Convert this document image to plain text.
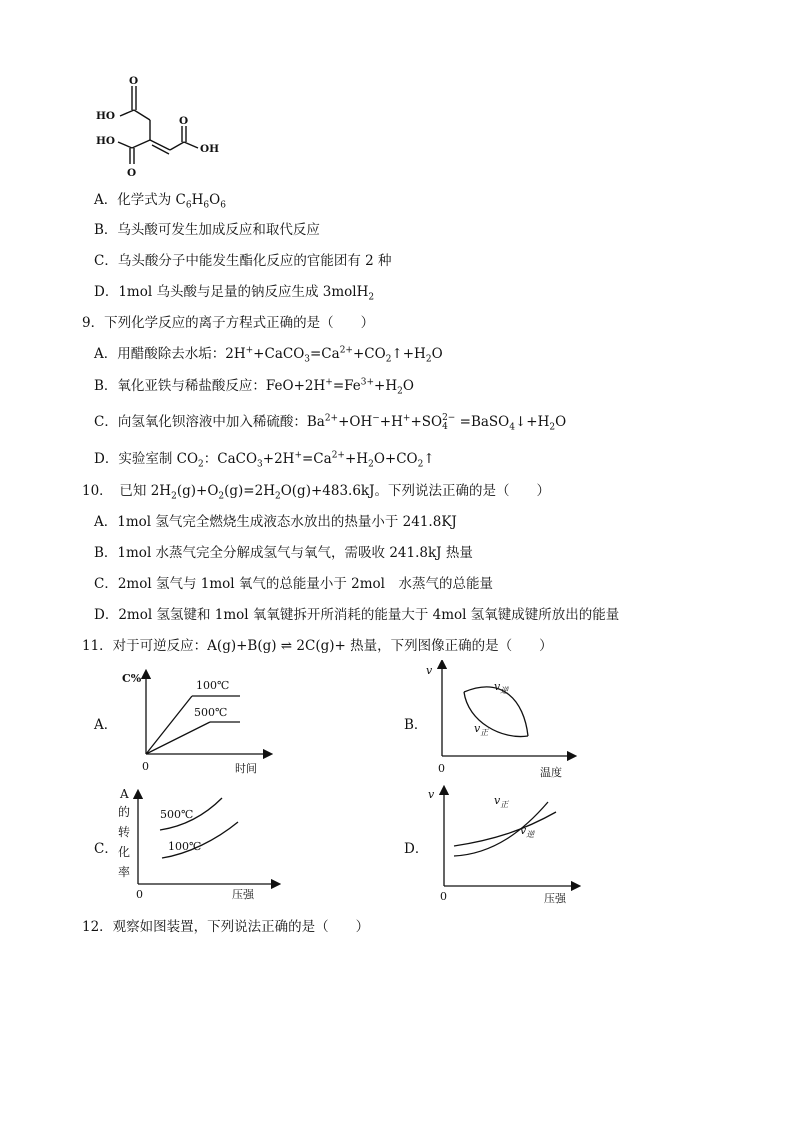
O
HO
HO
O
O
OH
A．化学式为 $C_6H_6O_6$
B．乌头酸可发生加成反应和取代反应
C．乌头酸分子中能发生酯化反应的官能团有 2 种
D．1mol 乌头酸与足量的钠反应生成 3molH$_2$
9．下列化学反应的离子方程式正确的是（　　）
A．用醋酸除去水垢：$2H^++CaCO_3=Ca^{2+}+CO_2↑+H_2O$
B．氧化亚铁与稀盐酸反应：$FeO+2H^+=Fe^{3+}+H_2O$
C．向氢氧化钡溶液中加入稀硫酸：$Ba^{2+}+OH^-+H^++SO$ 2−
$4 =BaSO_4↓+H_2O$
D．实验室制 $CO_2$：$CaCO_3+2H^+=Ca^{2+}+H_2O+CO_2↑$
10．　已知 $2H_2(g)+O_2(g)=2H_2O(g)+483.6kJ$。下列说法正确的是（　　）
A．1mol 氢气完全燃烧生成液态水放出的热量小于 241.8KJ
B．1mol 水蒸气完全分解成氢气与氧气，需吸收 241.8kJ 热量
C．2mol 氢气与 1mol 氧气的总能量小于 2mol　水蒸气的总能量
D．2mol 氢氢键和 1mol 氧氧键拆开所消耗的能量大于 4mol 氢氧键成键所放出的能量
11．对于可逆反应：A(g)+B(g) ⇌ 2C(g)+ 热量，下列图像正确的是（　　）
A．
C%
0	时间
100℃
500℃
B．
v
0	温度
$v_逆$
$v_正$
C．
A
的
转
化
率
0	压强
500℃
100℃	D．
v
0	压强
$v_正$
$v_逆$
12．观察如图装置，下列说法正确的是（　　）
